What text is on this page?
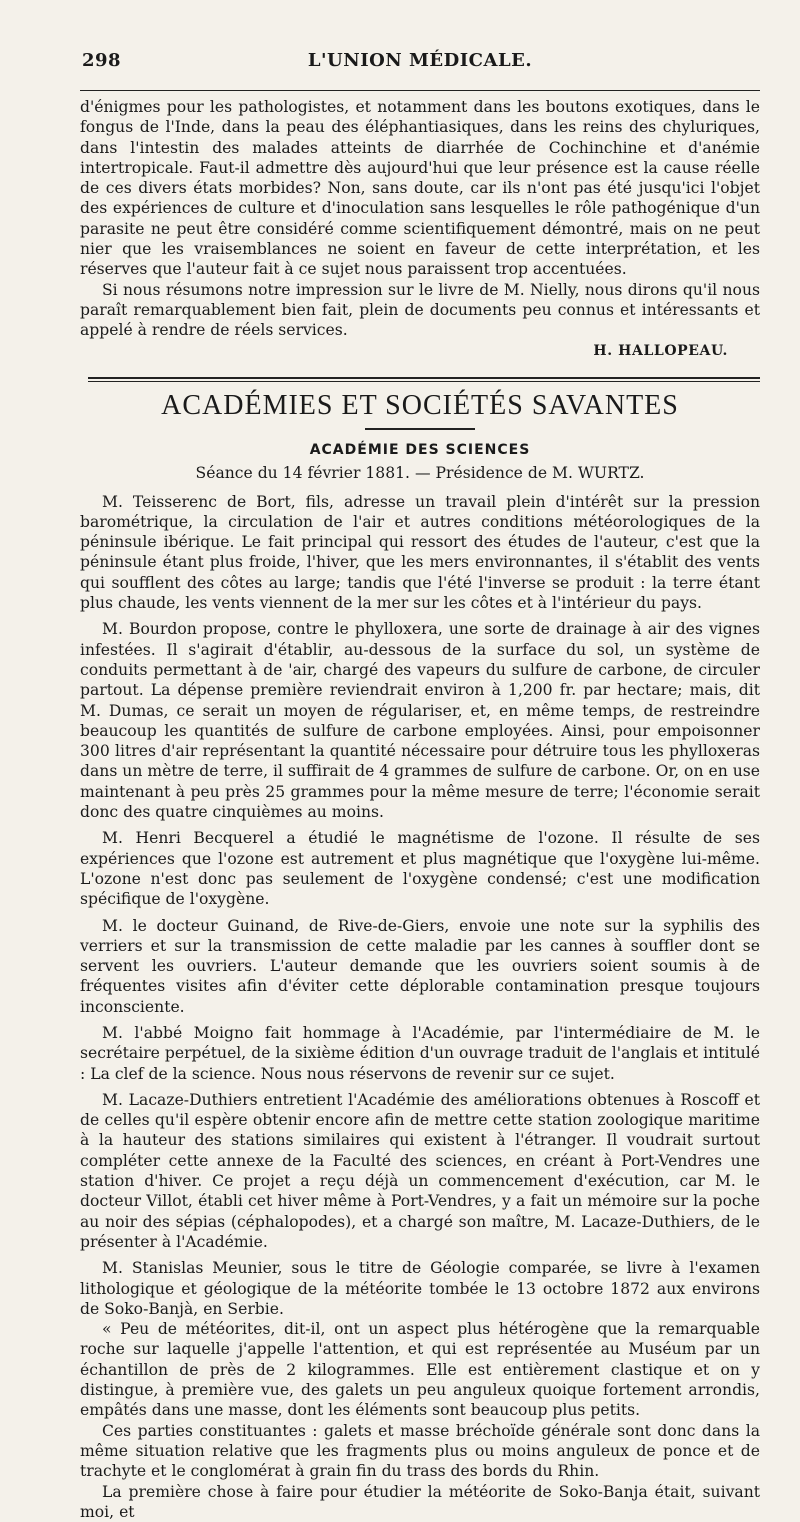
298	L'UNION MÉDICALE.

d'énigmes pour les pathologistes, et notamment dans les boutons exotiques, dans le fongus de l'Inde, dans la peau des éléphantiasiques, dans les reins des chyluriques, dans l'intestin des malades atteints de diarrhée de Cochinchine et d'anémie intertropicale. Faut-il admettre dès aujourd'hui que leur présence est la cause réelle de ces divers états morbides? Non, sans doute, car ils n'ont pas été jusqu'ici l'objet des expériences de culture et d'inoculation sans lesquelles le rôle pathogénique d'un parasite ne peut être considéré comme scientifiquement démontré, mais on ne peut nier que les vraisemblances ne soient en faveur de cette interprétation, et les réserves que l'auteur fait à ce sujet nous paraissent trop accentuées.

Si nous résumons notre impression sur le livre de M. Nielly, nous dirons qu'il nous paraît remarquablement bien fait, plein de documents peu connus et intéressants et appelé à rendre de réels services.

H. HALLOPEAU.
ACADÉMIES ET SOCIÉTÉS SAVANTES
ACADÉMIE DES SCIENCES
Séance du 14 février 1881. — Présidence de M. WURTZ.

M. Teisserenc de Bort, fils, adresse un travail plein d'intérêt sur la pression barométrique, la circulation de l'air et autres conditions météorologiques de la péninsule ibérique. Le fait principal qui ressort des études de l'auteur, c'est que la péninsule étant plus froide, l'hiver, que les mers environnantes, il s'établit des vents qui soufflent des côtes au large; tandis que l'été l'inverse se produit : la terre étant plus chaude, les vents viennent de la mer sur les côtes et à l'intérieur du pays.

M. Bourdon propose, contre le phylloxera, une sorte de drainage à air des vignes infestées. Il s'agirait d'établir, au-dessous de la surface du sol, un système de conduits permettant à de 'air, chargé des vapeurs du sulfure de carbone, de circuler partout. La dépense première reviendrait environ à 1,200 fr. par hectare; mais, dit M. Dumas, ce serait un moyen de régulariser, et, en même temps, de restreindre beaucoup les quantités de sulfure de carbone employées. Ainsi, pour empoisonner 300 litres d'air représentant la quantité nécessaire pour détruire tous les phylloxeras dans un mètre de terre, il suffirait de 4 grammes de sulfure de carbone. Or, on en use maintenant à peu près 25 grammes pour la même mesure de terre; l'économie serait donc des quatre cinquièmes au moins.

M. Henri Becquerel a étudié le magnétisme de l'ozone. Il résulte de ses expériences que l'ozone est autrement et plus magnétique que l'oxygène lui-même. L'ozone n'est donc pas seulement de l'oxygène condensé; c'est une modification spécifique de l'oxygène.

M. le docteur Guinand, de Rive-de-Giers, envoie une note sur la syphilis des verriers et sur la transmission de cette maladie par les cannes à souffler dont se servent les ouvriers. L'auteur demande que les ouvriers soient soumis à de fréquentes visites afin d'éviter cette déplorable contamination presque toujours inconsciente.

M. l'abbé Moigno fait hommage à l'Académie, par l'intermédiaire de M. le secrétaire perpétuel, de la sixième édition d'un ouvrage traduit de l'anglais et intitulé : La clef de la science. Nous nous réservons de revenir sur ce sujet.

M. Lacaze-Duthiers entretient l'Académie des améliorations obtenues à Roscoff et de celles qu'il espère obtenir encore afin de mettre cette station zoologique maritime à la hauteur des stations similaires qui existent à l'étranger. Il voudrait surtout compléter cette annexe de la Faculté des sciences, en créant à Port-Vendres une station d'hiver. Ce projet a reçu déjà un commencement d'exécution, car M. le docteur Villot, établi cet hiver même à Port-Vendres, y a fait un mémoire sur la poche au noir des sépias (céphalopodes), et a chargé son maître, M. Lacaze-Duthiers, de le présenter à l'Académie.

M. Stanislas Meunier, sous le titre de Géologie comparée, se livre à l'examen lithologique et géologique de la météorite tombée le 13 octobre 1872 aux environs de Soko-Banjà, en Serbie.

« Peu de météorites, dit-il, ont un aspect plus hétérogène que la remarquable roche sur laquelle j'appelle l'attention, et qui est représentée au Muséum par un échantillon de près de 2 kilogrammes. Elle est entièrement clastique et on y distingue, à première vue, des galets un peu anguleux quoique fortement arrondis, empâtés dans une masse, dont les éléments sont beaucoup plus petits.

Ces parties constituantes : galets et masse bréchoïde générale sont donc dans la même situation relative que les fragments plus ou moins anguleux de ponce et de trachyte et le conglomérat à grain fin du trass des bords du Rhin.

La première chose à faire pour étudier la météorite de Soko-Banja était, suivant moi, et
